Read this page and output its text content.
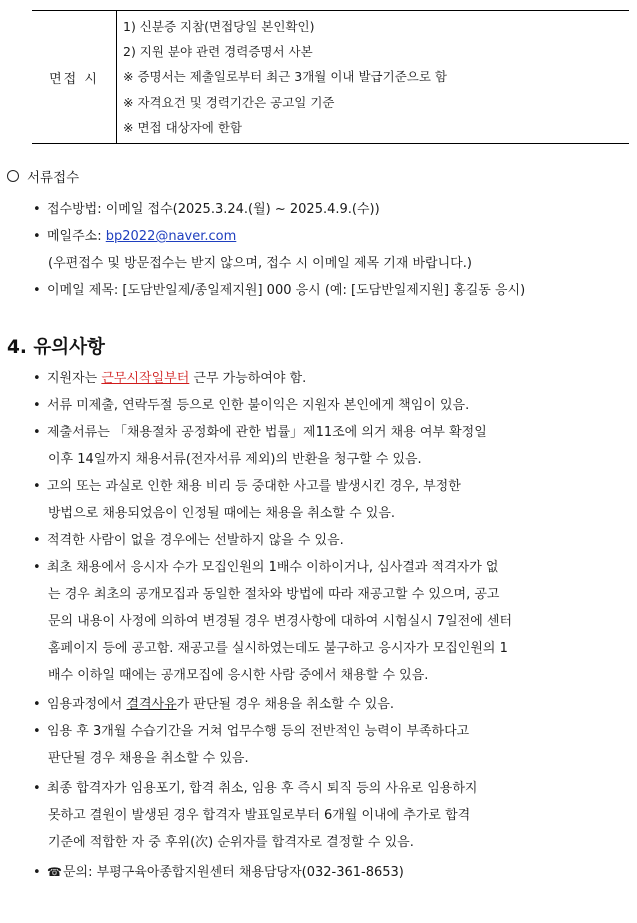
면접 시
1) 신분증 지참(면접당일 본인확인)
2) 지원 분야 관련 경력증명서 사본
※ 증명서는 제출일로부터 최근 3개월 이내 발급기준으로 함
※ 자격요건 및 경력기간은 공고일 기준
※ 면접 대상자에 한함
서류접수
• 접수방법: 이메일 접수(2025.3.24.(월) ~ 2025.4.9.(수))
• 메일주소: bp2022@naver.com
(우편접수 및 방문접수는 받지 않으며, 접수 시 이메일 제목 기재 바랍니다.)
• 이메일 제목: [도담반일제/종일제지원] 000 응시 (예: [도담반일제지원] 홍길동 응시)
4. 유의사항
• 지원자는 근무시작일부터 근무 가능하여야 함.
• 서류 미제출, 연락두절 등으로 인한 불이익은 지원자 본인에게 책임이 있음.
• 제출서류는 「채용절차 공정화에 관한 법률」제11조에 의거 채용 여부 확정일
이후 14일까지 채용서류(전자서류 제외)의 반환을 청구할 수 있음.
• 고의 또는 과실로 인한 채용 비리 등 중대한 사고를 발생시킨 경우, 부정한
방법으로 채용되었음이 인정될 때에는 채용을 취소할 수 있음.
• 적격한 사람이 없을 경우에는 선발하지 않을 수 있음.
• 최초 채용에서 응시자 수가 모집인원의 1배수 이하이거나, 심사결과 적격자가 없
는 경우 최초의 공개모집과 동일한 절차와 방법에 따라 재공고할 수 있으며, 공고
문의 내용이 사정에 의하여 변경될 경우 변경사항에 대하여 시험실시 7일전에 센터
홈페이지 등에 공고함. 재공고를 실시하였는데도 불구하고 응시자가 모집인원의 1
배수 이하일 때에는 공개모집에 응시한 사람 중에서 채용할 수 있음.
• 임용과정에서 결격사유가 판단될 경우 채용을 취소할 수 있음.
• 임용 후 3개월 수습기간을 거쳐 업무수행 등의 전반적인 능력이 부족하다고
판단될 경우 채용을 취소할 수 있음.
• 최종 합격자가 임용포기, 합격 취소, 임용 후 즉시 퇴직 등의 사유로 임용하지
못하고 결원이 발생된 경우 합격자 발표일로부터 6개월 이내에 추가로 합격
기준에 적합한 자 중 후위(次) 순위자를 합격자로 결정할 수 있음.
• ☎문의: 부평구육아종합지원센터 채용담당자(032-361-8653)
